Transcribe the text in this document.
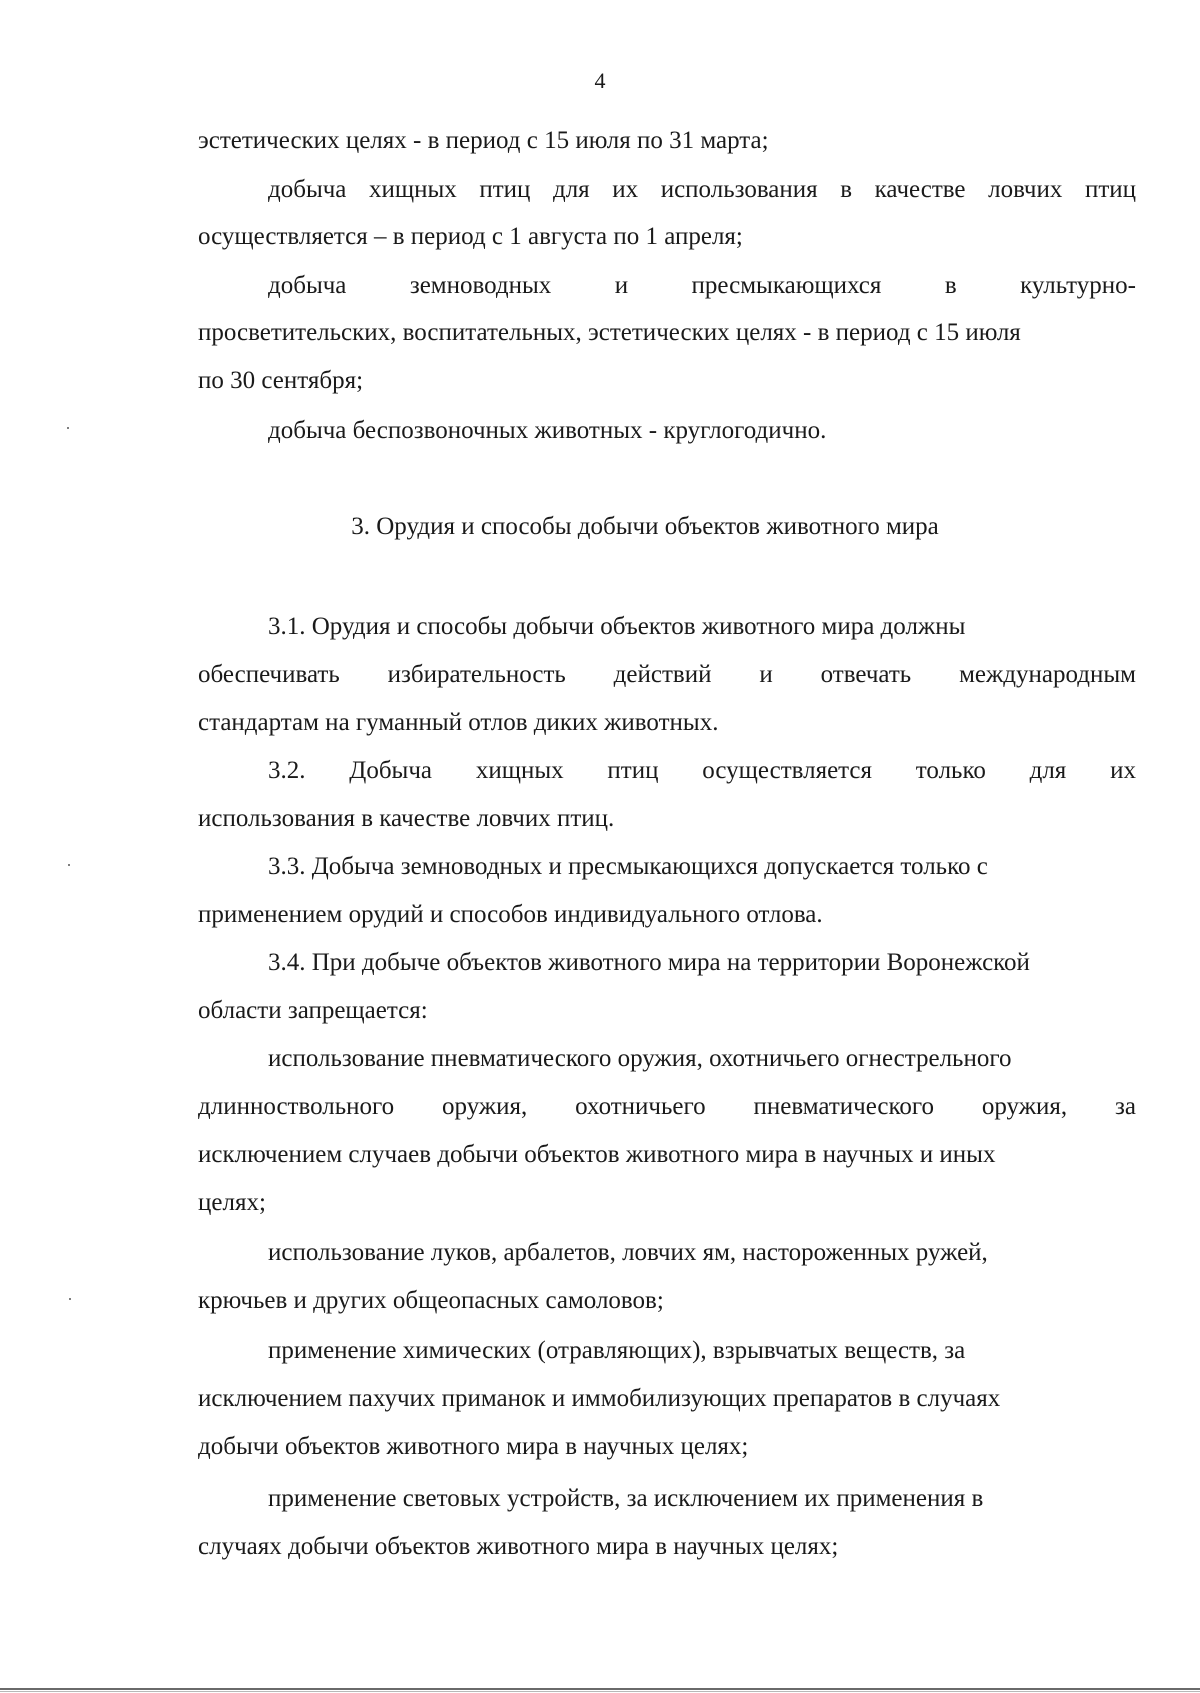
4
эстетических целях - в период с 15 июля по 31 марта;
добыча хищных птиц для их использования в качестве ловчих птиц
осуществляется – в период с 1 августа по 1 апреля;
добыча	земноводных	и	пресмыкающихся	в	культурно-
просветительских, воспитательных, эстетических целях - в период с 15 июля
по 30 сентября;
добыча беспозвоночных животных - круглогодично.
3. Орудия и способы добычи объектов животного мира
3.1. Орудия и способы добычи объектов животного мира должны
обеспечивать избирательность действий и отвечать международным
стандартам на гуманный отлов диких животных.
3.2. Добыча хищных птиц осуществляется только для их
использования в качестве ловчих птиц.
3.3. Добыча земноводных и пресмыкающихся допускается только с
применением орудий и способов индивидуального отлова.
3.4. При добыче объектов животного мира на территории Воронежской
области запрещается:
использование пневматического оружия, охотничьего огнестрельного
длинноствольного оружия, охотничьего пневматического оружия, за
исключением случаев добычи объектов животного мира в научных и иных
целях;
использование луков, арбалетов, ловчих ям, настороженных ружей,
крючьев и других общеопасных самоловов;
применение химических (отравляющих), взрывчатых веществ, за
исключением пахучих приманок и иммобилизующих препаратов в случаях
добычи объектов животного мира в научных целях;
применение световых устройств, за исключением их применения в
случаях добычи объектов животного мира в научных целях;
